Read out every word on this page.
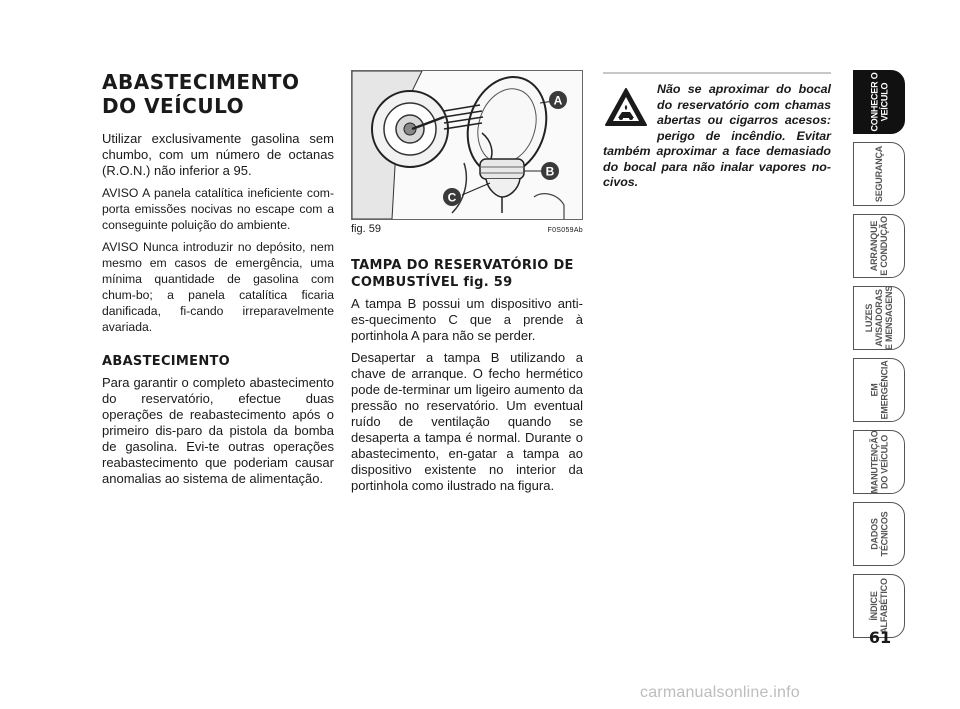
ABASTECIMENTO
DO VEÍCULO

Utilizar exclusivamente gasolina sem chumbo, com um número de octanas (R.O.N.) não inferior a 95.

AVISO A panela catalítica ineficiente com-porta emissões nocivas no escape com a conseguinte poluição do ambiente.

AVISO Nunca introduzir no depósito, nem mesmo em casos de emergência, uma mínima quantidade de gasolina com chum-bo; a panela catalítica ficaria danificada, fi-cando irreparavelmente avariada.

ABASTECIMENTO

Para garantir o completo abastecimento do reservatório, efectue duas operações de reabastecimento após o primeiro dis-paro da pistola da bomba de gasolina. Evi-te outras operações reabastecimento que poderiam causar anomalias ao sistema de alimentação.

A
B
C
fig. 59	F0S059Ab
TAMPA DO RESERVATÓRIO DE
COMBUSTÍVEL fig. 59

A tampa B possui um dispositivo anti-es-quecimento C que a prende à portinhola A para não se perder.

Desapertar a tampa B utilizando a chave de arranque. O fecho hermético pode de-terminar um ligeiro aumento da pressão no reservatório. Um eventual ruído de ventilação quando se desaperta a tampa é normal. Durante o abastecimento, en-gatar a tampa ao dispositivo existente no interior da portinhola como ilustrado na figura.

Não se aproximar do bocal do reservatório com chamas abertas ou cigarros acesos: perigo de incêndio. Evitar também aproximar a face demasiado do bocal para não inalar vapores no-civos.

CONHECER O
VEÍCULO
SEGURANÇA
ARRANQUE
E CONDUÇÃO
LUZES
AVISADORAS
E MENSAGENS
EM
EMERGÊNCIA
MANUTENÇÃO
DO VEÍCULO
DADOS
TÉCNICOS
ÍNDICE
ALFABÉTICO
61
carmanualsonline.info
